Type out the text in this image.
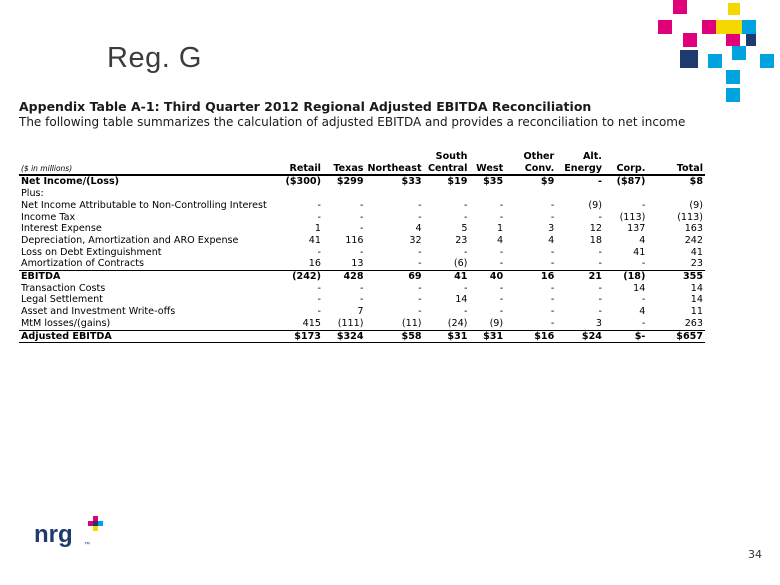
Reg. G
Appendix Table A-1: Third Quarter 2012 Regional Adjusted EBITDA Reconciliation
The following table summarizes the calculation of adjusted EBITDA and provides a reconciliation to net income
				South		Other	Alt.		
($ in millions)	Retail	Texas	Northeast	Central	West	Conv.	Energy	Corp.	Total
Net Income/(Loss)	($300)	$299	$33	$19	$35	$9	-	($87)	$8
Plus:									
Net Income Attributable to Non-Controlling Interest	-	-	-	-	-	-	(9)	-	(9)
Income Tax	-	-	-	-	-	-	-	(113)	(113)
Interest Expense	1	-	4	5	1	3	12	137	163
Depreciation, Amortization and ARO Expense	41	116	32	23	4	4	18	4	242
Loss on Debt Extinguishment	-	-	-	-	-	-	-	41	41
Amortization of Contracts	16	13	-	(6)	-	-	-	-	23
EBITDA	(242)	428	69	41	40	16	21	(18)	355
Transaction Costs	-	-	-	-	-	-	-	14	14
Legal Settlement	-	-	-	14	-	-	-	-	14
Asset and Investment Write-offs	-	7	-	-	-	-	-	4	11
MtM losses/(gains)	415	(111)	(11)	(24)	(9)	-	3	-	263
Adjusted EBITDA	$173	$324	$58	$31	$31	$16	$24	$-	$657
nrg ™
34
